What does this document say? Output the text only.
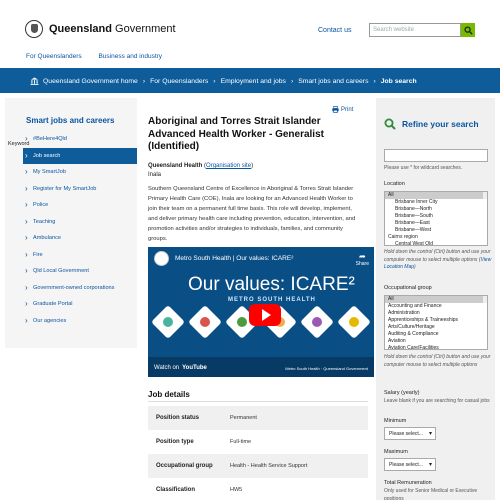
Queensland Government	Contact us	Search website
For Queenslanders	Business and industry
Queensland Government home › For Queenslanders › Employment and jobs › Smart jobs and careers › Job search
Smart jobs and careers
› #BeHere4Qld
› Job search
› My SmartJob
› Register for My SmartJob
› Police
› Teaching
› Ambulance
› Fire
› Qld Local Government
› Government-owned corporations
› Graduate Portal
› Our agencies
Print
Aboriginal and Torres Strait Islander Advanced Health Worker - Generalist (Identified)
Queensland Health (Organisation site)
Inala
Southern Queensland Centre of Excellence in Aboriginal & Torres Strait Islander Primary Health Care (COE), Inala are looking for an Advanced Health Worker to join their team on a permanent full time basis. This role will develop, implement, and deliver primary health care including prevention, education, intervention, and promotion activities and/or strategies to individuals, families, and community groups.
Metro South Health | Our values: ICARE²	➦
Share
Our values: ICARE²
METRO SOUTH HEALTH
Watch on YouTube	Metro South Health · Queensland Government
Job details
Position status	Permanent
Position type	Full-time
Occupational group	Health - Health Service Support
Classification	HW5

Refine your search
Keyword
Please use * for wildcard searches.
Location
All
Brisbane Inner City
Brisbane—North
Brisbane—South
Brisbane—East
Brisbane—West
Cairns region
Central West Qld
Hold down the control (Ctrl) button and use your computer mouse to select multiple options (View Location Map)
Occupational group
All
Accounting and Finance
Administration
Apprenticeships & Traineeships
Arts/Culture/Heritage
Auditing & Compliance
Aviation
Aviation Care/Facilities
Hold down the control (Ctrl) button and use your computer mouse to select multiple options
Salary (yearly)
Leave blank if you are searching for casual jobs
Minimum
Please select... ▾
Maximum
Please select... ▾
Total Remuneration
Only used for Senior Medical or Executive positions
